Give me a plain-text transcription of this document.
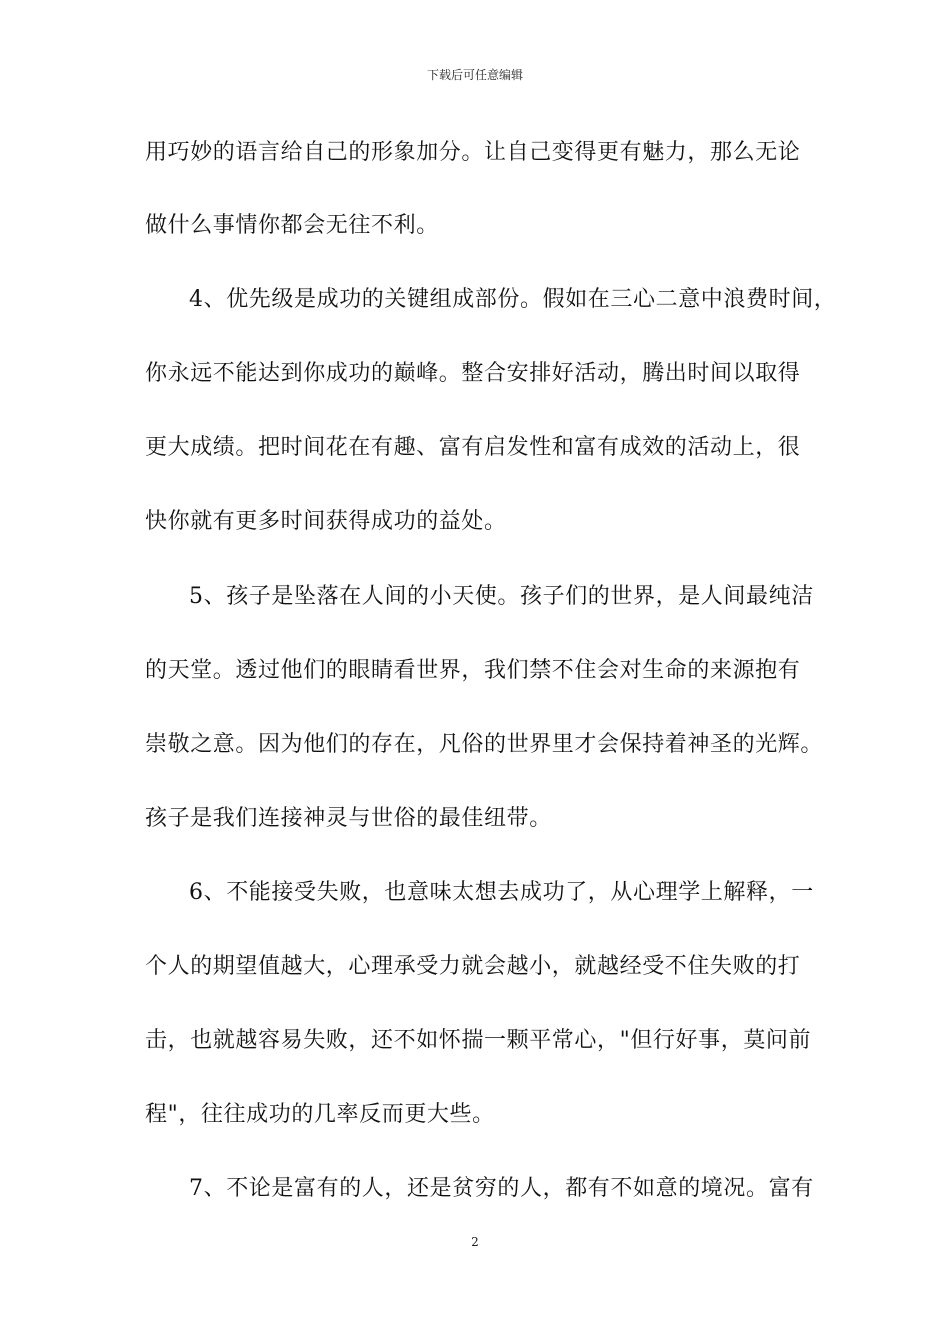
下载后可任意编辑
用巧妙的语言给自己的形象加分。让自己变得更有魅力，那么无论
做什么事情你都会无往不利。
4、优先级是成功的关键组成部份。假如在三心二意中浪费时间，
你永远不能达到你成功的巅峰。整合安排好活动，腾出时间以取得
更大成绩。把时间花在有趣、富有启发性和富有成效的活动上，很
快你就有更多时间获得成功的益处。
5、孩子是坠落在人间的小天使。孩子们的世界，是人间最纯洁
的天堂。透过他们的眼睛看世界，我们禁不住会对生命的来源抱有
崇敬之意。因为他们的存在，凡俗的世界里才会保持着神圣的光辉。
孩子是我们连接神灵与世俗的最佳纽带。
6、不能接受失败，也意味太想去成功了，从心理学上解释，一
个人的期望值越大，心理承受力就会越小，就越经受不住失败的打
击，也就越容易失败，还不如怀揣一颗平常心，"但行好事，莫问前
程"，往往成功的几率反而更大些。
7、不论是富有的人，还是贫穷的人，都有不如意的境况。富有
2
